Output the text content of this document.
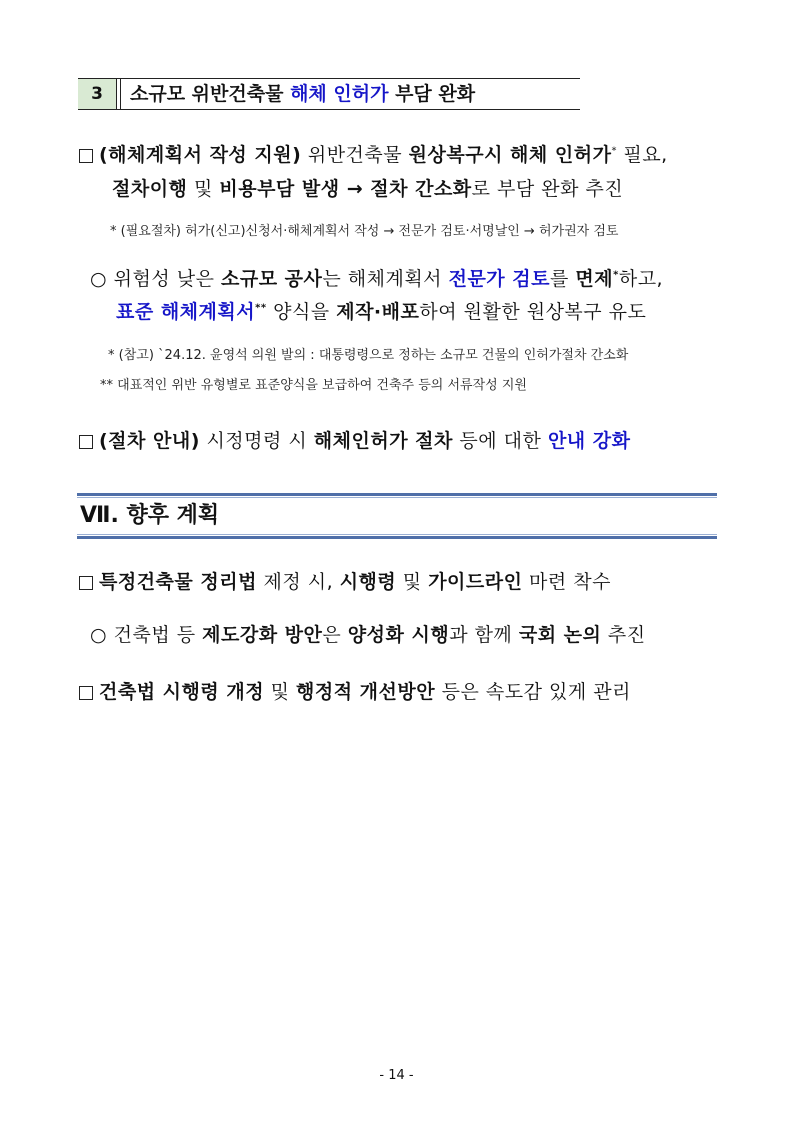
3	소규모 위반건축물 해체 인허가 부담 완화
(해체계획서 작성 지원) 위반건축물 원상복구시 해체 인허가* 필요,
절차이행 및 비용부담 발생 → 절차 간소화로 부담 완화 추진
* (필요절차) 허가(신고)신청서·해체계획서 작성 → 전문가 검토·서명날인 → 허가권자 검토
○ 위험성 낮은 소규모 공사는 해체계획서 전문가 검토를 면제*하고,
표준 해체계획서** 양식을 제작·배포하여 원활한 원상복구 유도
* (참고) `24.12. 윤영석 의원 발의 : 대통령령으로 정하는 소규모 건물의 인허가절차 간소화
** 대표적인 위반 유형별로 표준양식을 보급하여 건축주 등의 서류작성 지원
(절차 안내) 시정명령 시 해체인허가 절차 등에 대한 안내 강화
Ⅶ. 향후 계획
특정건축물 정리법 제정 시, 시행령 및 가이드라인 마련 착수
○ 건축법 등 제도강화 방안은 양성화 시행과 함께 국회 논의 추진
건축법 시행령 개정 및 행정적 개선방안 등은 속도감 있게 관리
- 14 -
